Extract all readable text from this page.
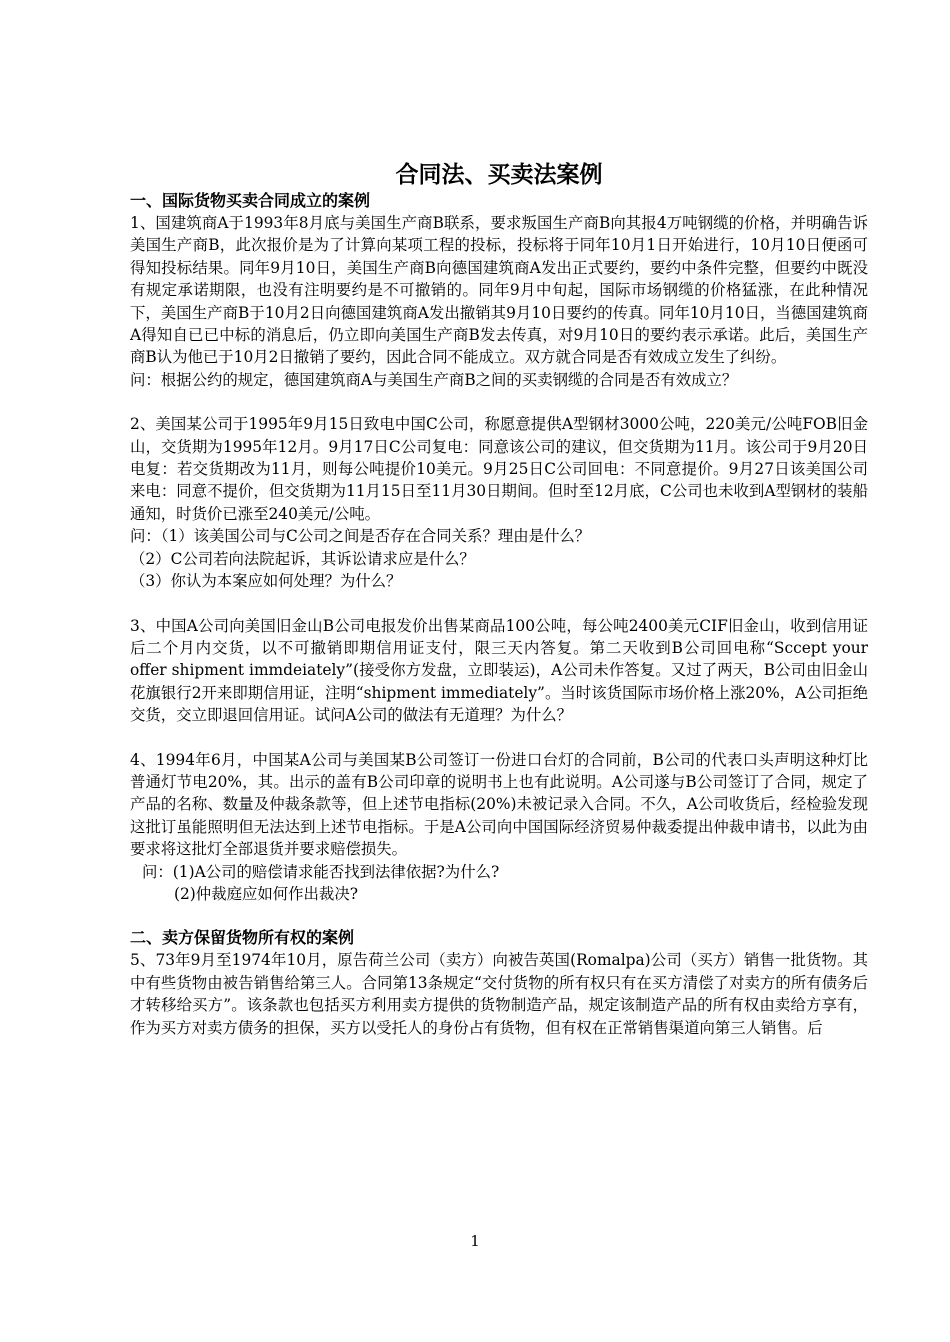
合同法、买卖法案例

一、国际货物买卖合同成立的案例

1、国建筑商A于1993年8月底与美国生产商B联系，要求叛国生产商B向其报4万吨钢缆的价格，并明确告诉美国生产商B，此次报价是为了计算向某项工程的投标，投标将于同年10月1日开始进行，10月10日便函可得知投标结果。同年9月10日，美国生产商B向德国建筑商A发出正式要约，要约中条件完整，但要约中既没有规定承诺期限，也没有注明要约是不可撤销的。同年9月中旬起，国际市场钢缆的价格猛涨，在此种情况下，美国生产商B于10月2日向德国建筑商A发出撤销其9月10日要约的传真。同年10月10日，当德国建筑商A得知自已已中标的消息后，仍立即向美国生产商B发去传真，对9月10日的要约表示承诺。此后，美国生产商B认为他已于10月2日撤销了要约，因此合同不能成立。双方就合同是否有效成立发生了纠纷。

问：根据公约的规定，德国建筑商A与美国生产商B之间的买卖钢缆的合同是否有效成立？

2、美国某公司于1995年9月15日致电中国C公司，称愿意提供A型钢材3000公吨，220美元/公吨FOB旧金山，交货期为1995年12月。9月17日C公司复电：同意该公司的建议，但交货期为11月。该公司于9月20日电复：若交货期改为11月，则每公吨提价10美元。9月25日C公司回电：不同意提价。9月27日该美国公司来电：同意不提价，但交货期为11月15日至11月30日期间。但时至12月底，C公司也未收到A型钢材的装船通知，时货价已涨至240美元/公吨。

问：（1）该美国公司与C公司之间是否存在合同关系？理由是什么？

（2）C公司若向法院起诉，其诉讼请求应是什么？

（3）你认为本案应如何处理？为什么？

3、中国A公司向美国旧金山B公司电报发价出售某商品100公吨，每公吨2400美元CIF旧金山，收到信用证后二个月内交货，以不可撤销即期信用证支付，限三天内答复。第二天收到B公司回电称“Sccept your offer shipment immdeiately”(接受你方发盘，立即装运)，A公司未作答复。又过了两天，B公司由旧金山花旗银行2开来即期信用证，注明“shipment immediately”。当时该货国际市场价格上涨20%，A公司拒绝交货，交立即退回信用证。试问A公司的做法有无道理？为什么？

4、1994年6月，中国某A公司与美国某B公司签订一份进口台灯的合同前，B公司的代表口头声明这种灯比普通灯节电20%，其。出示的盖有B公司印章的说明书上也有此说明。A公司遂与B公司签订了合同，规定了产品的名称、数量及仲裁条款等，但上述节电指标(20%)未被记录入合同。不久，A公司收货后，经检验发现这批订虽能照明但无法达到上述节电指标。于是A公司向中国国际经济贸易仲裁委提出仲裁申请书，以此为由要求将这批灯全部退货并要求赔偿损失。

问：(1)A公司的赔偿请求能否找到法律依据?为什么?

(2)仲裁庭应如何作出裁决?

二、卖方保留货物所有权的案例

5、73年9月至1974年10月，原告荷兰公司（卖方）向被告英国(Romalpa)公司（买方）销售一批货物。其中有些货物由被告销售给第三人。合同第13条规定“交付货物的所有权只有在买方清偿了对卖方的所有债务后才转移给买方”。该条款也包括买方利用卖方提供的货物制造产品，规定该制造产品的所有权由卖给方享有，作为买方对卖方债务的担保，买方以受托人的身份占有货物，但有权在正常销售渠道向第三人销售。后

1
